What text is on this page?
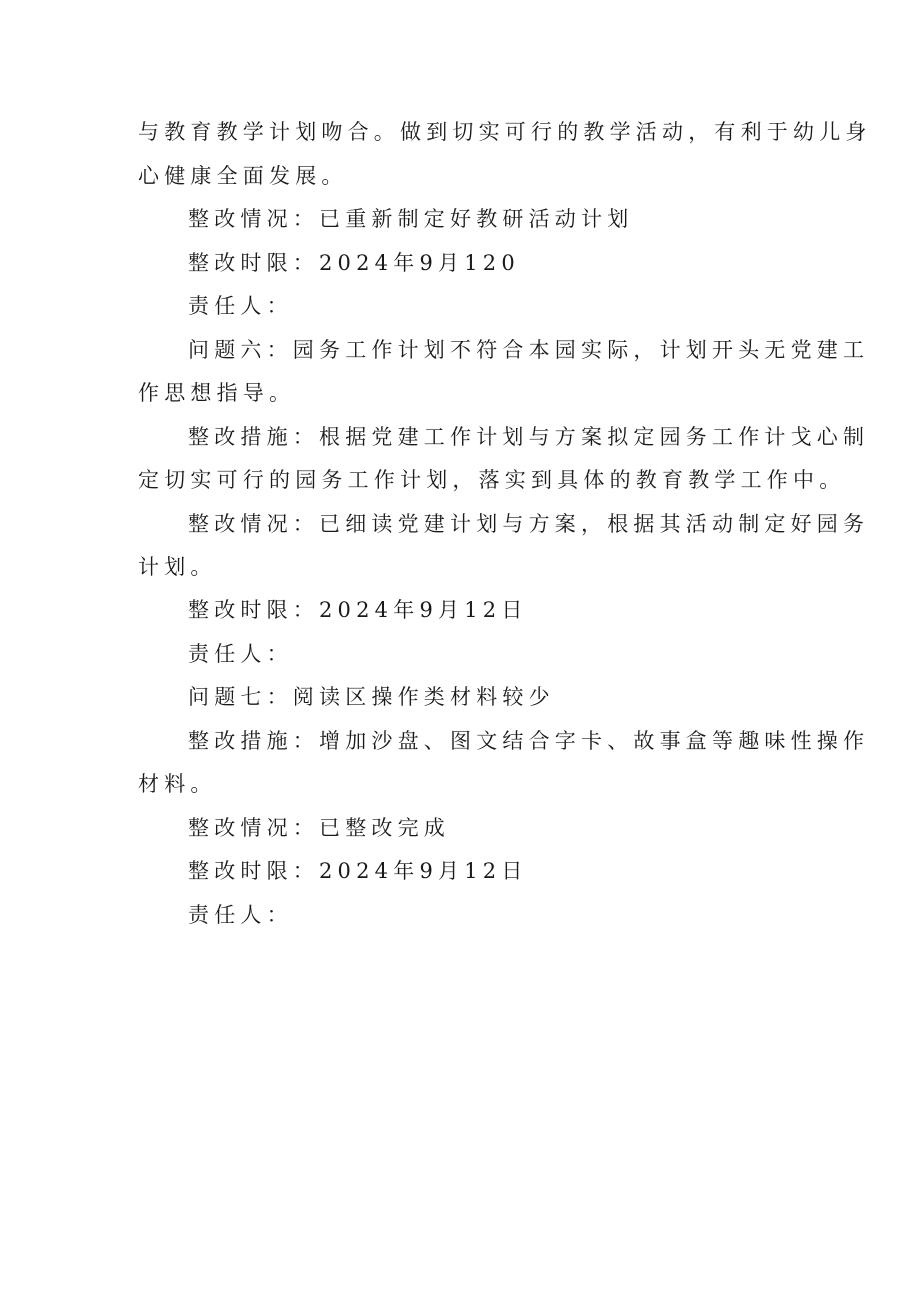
与教育教学计划吻合。做到切实可行的教学活动，有利于幼儿身
心健康全面发展。
整改情况：已重新制定好教研活动计划
整改时限：2024年9月120
责任人：
问题六：园务工作计划不符合本园实际，计划开头无党建工
作思想指导。
整改措施：根据党建工作计划与方案拟定园务工作计戈心制
定切实可行的园务工作计划，落实到具体的教育教学工作中。
整改情况：已细读党建计划与方案，根据其活动制定好园务
计划。
整改时限：2024年9月12日
责任人：
问题七：阅读区操作类材料较少
整改措施：增加沙盘、图文结合字卡、故事盒等趣味性操作
材料。
整改情况：已整改完成
整改时限：2024年9月12日
责任人：
